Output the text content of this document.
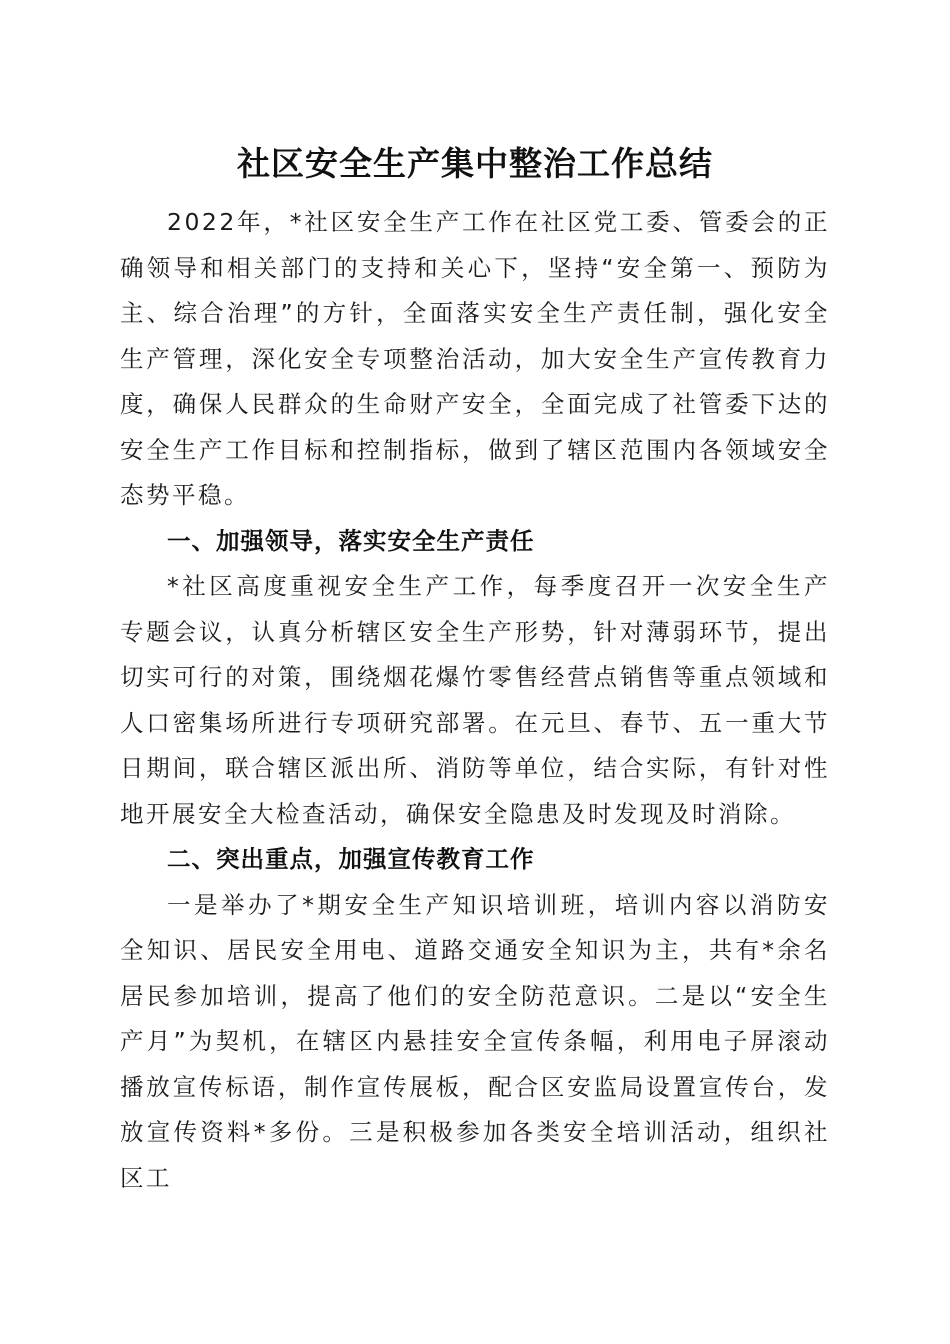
社区安全生产集中整治工作总结

2022年，*社区安全生产工作在社区党工委、管委会的正确领导和相关部门的支持和关心下，坚持“安全第一、预防为主、综合治理”的方针，全面落实安全生产责任制，强化安全生产管理，深化安全专项整治活动，加大安全生产宣传教育力度，确保人民群众的生命财产安全，全面完成了社管委下达的安全生产工作目标和控制指标，做到了辖区范围内各领域安全态势平稳。

一、加强领导，落实安全生产责任

*社区高度重视安全生产工作，每季度召开一次安全生产专题会议，认真分析辖区安全生产形势，针对薄弱环节，提出切实可行的对策，围绕烟花爆竹零售经营点销售等重点领域和人口密集场所进行专项研究部署。在元旦、春节、五一重大节日期间，联合辖区派出所、消防等单位，结合实际，有针对性地开展安全大检查活动，确保安全隐患及时发现及时消除。

二、突出重点，加强宣传教育工作

一是举办了*期安全生产知识培训班，培训内容以消防安全知识、居民安全用电、道路交通安全知识为主，共有*余名居民参加培训，提高了他们的安全防范意识。二是以“安全生产月”为契机，在辖区内悬挂安全宣传条幅，利用电子屏滚动播放宣传标语，制作宣传展板，配合区安监局设置宣传台，发放宣传资料*多份。三是积极参加各类安全培训活动，组织社区工
